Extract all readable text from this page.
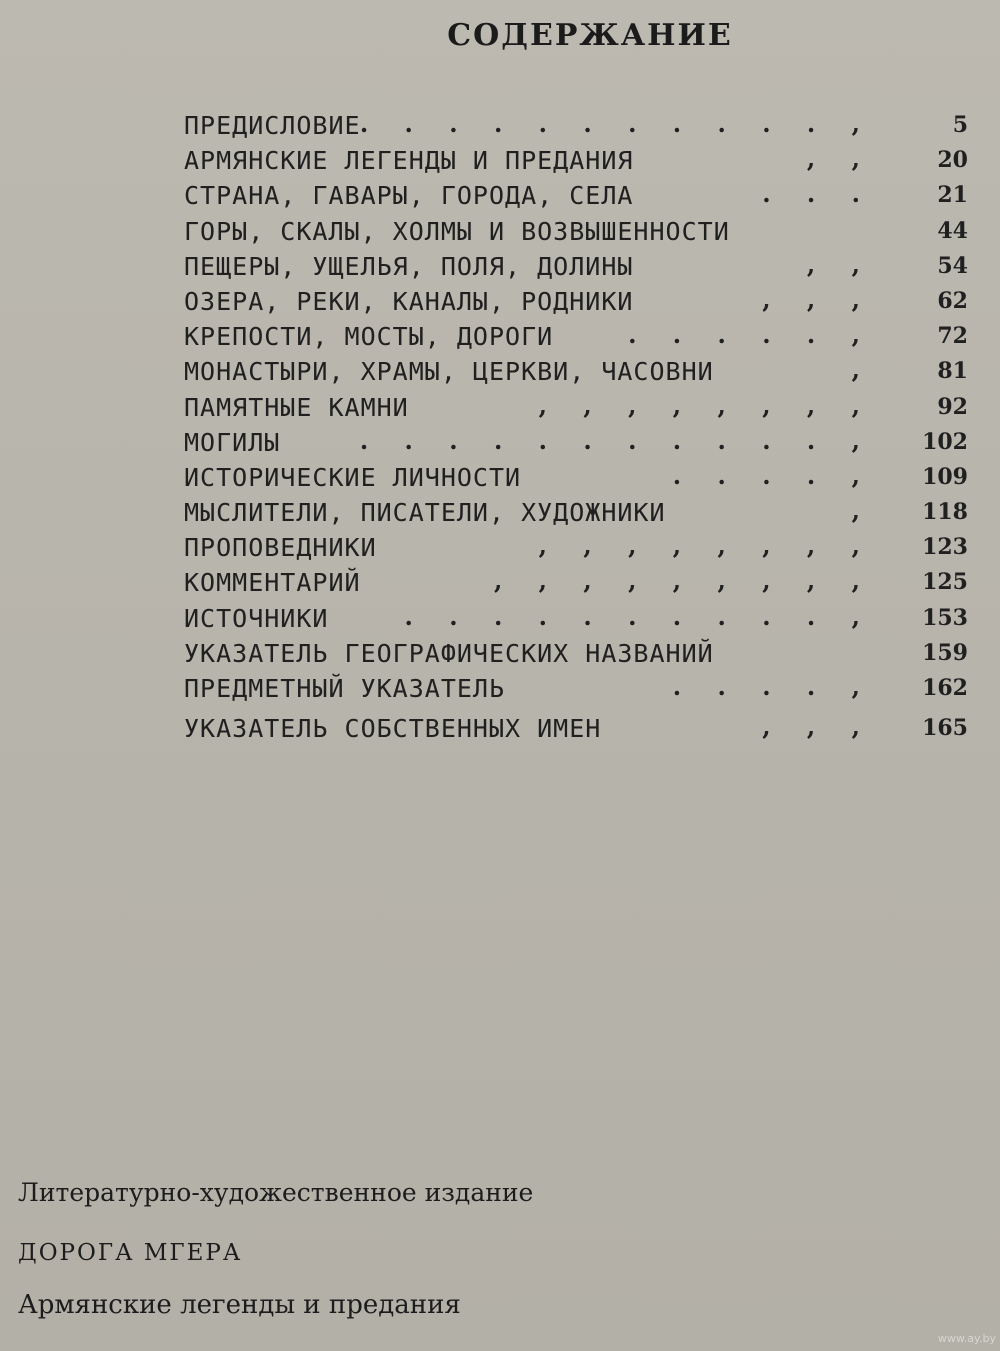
СОДЕРЖАНИЕ
ПРЕДИСЛОВИЕ . . . . . . . . . . . ,	5
АРМЯНСКИЕ ЛЕГЕНДЫ И ПРЕДАНИЯ	, ,	20
СТРАНА, ГАВАРЫ, ГОРОДА, СЕЛА	. . .	21
ГОРЫ, СКАЛЫ, ХОЛМЫ И ВОЗВЫШЕННОСТИ	44
ПЕЩЕРЫ, УЩЕЛЬЯ, ПОЛЯ, ДОЛИНЫ	, ,	54
ОЗЕРА, РЕКИ, КАНАЛЫ, РОДНИКИ	, , ,	62
КРЕПОСТИ, МОСТЫ, ДОРОГИ	. . . . . ,	72
МОНАСТЫРИ, ХРАМЫ, ЦЕРКВИ, ЧАСОВНИ	,	81
ПАМЯТНЫЕ КАМНИ	, , , , , , , ,	92
МОГИЛЫ	. . . . . . . . . . . , 102
ИСТОРИЧЕСКИЕ ЛИЧНОСТИ	. . . . , 109
МЫСЛИТЕЛИ, ПИСАТЕЛИ, ХУДОЖНИКИ	, 118
ПРОПОВЕДНИКИ	, , , , , , , , 123
КОММЕНТАРИЙ	, , , , , , , , , 125
ИСТОЧНИКИ	. . . . . . . . . . , 153
УКАЗАТЕЛЬ ГЕОГРАФИЧЕСКИХ НАЗВАНИЙ	159
ПРЕДМЕТНЫЙ УКАЗАТЕЛЬ	. . . . , 162
УКАЗАТЕЛЬ СОБСТВЕННЫХ ИМЕН	, , , 165
Литературно-художественное издание
ДОРОГА МГЕРА
Армянские легенды и предания
www.ay.by
